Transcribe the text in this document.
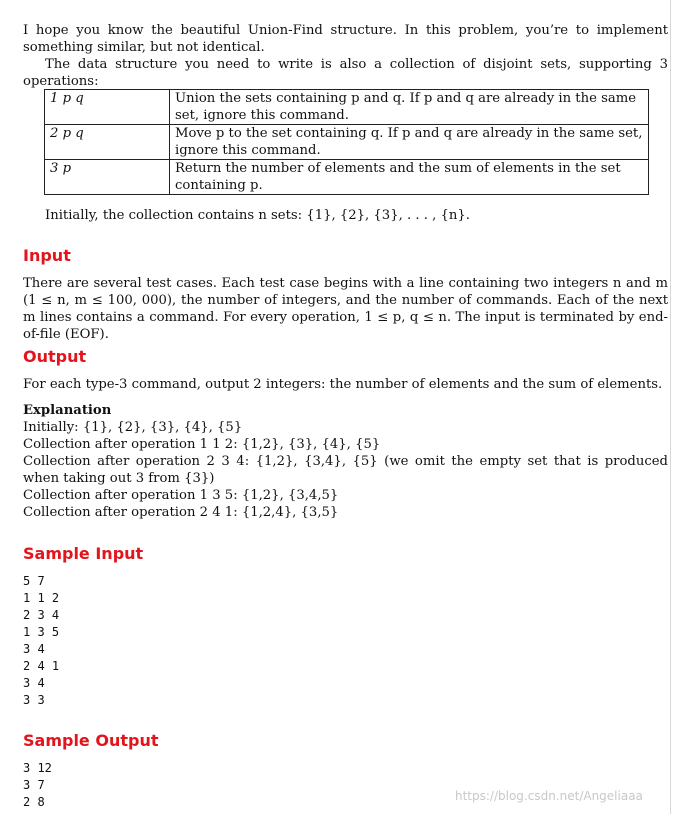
I hope you know the beautiful Union-Find structure. In this problem, you’re to implement something similar, but not identical.

The data structure you need to write is also a collection of disjoint sets, supporting 3 operations:

1 p q	Union the sets containing p and q. If p and q are already in the same set, ignore this command.
2 p q	Move p to the set containing q. If p and q are already in the same set, ignore this command.
3 p	Return the number of elements and the sum of elements in the set containing p.
Initially, the collection contains n sets: {1}, {2}, {3}, . . . , {n}.
Input
There are several test cases. Each test case begins with a line containing two integers n and m (1 ≤ n, m ≤ 100, 000), the number of integers, and the number of commands. Each of the next m lines contains a command. For every operation, 1 ≤ p, q ≤ n. The input is terminated by end-of-file (EOF).
Output
For each type-3 command, output 2 integers: the number of elements and the sum of elements.
Explanation
Initially: {1}, {2}, {3}, {4}, {5}
Collection after operation 1 1 2: {1,2}, {3}, {4}, {5}
Collection after operation 2 3 4: {1,2}, {3,4}, {5} (we omit the empty set that is produced when taking out 3 from {3})
Collection after operation 1 3 5: {1,2}, {3,4,5}
Collection after operation 2 4 1: {1,2,4}, {3,5}
Sample Input
5 7
1 1 2
2 3 4
1 3 5
3 4
2 4 1
3 4
3 3
Sample Output
3 12
3 7
2 8	https://blog.csdn.net/Angeliaaa
